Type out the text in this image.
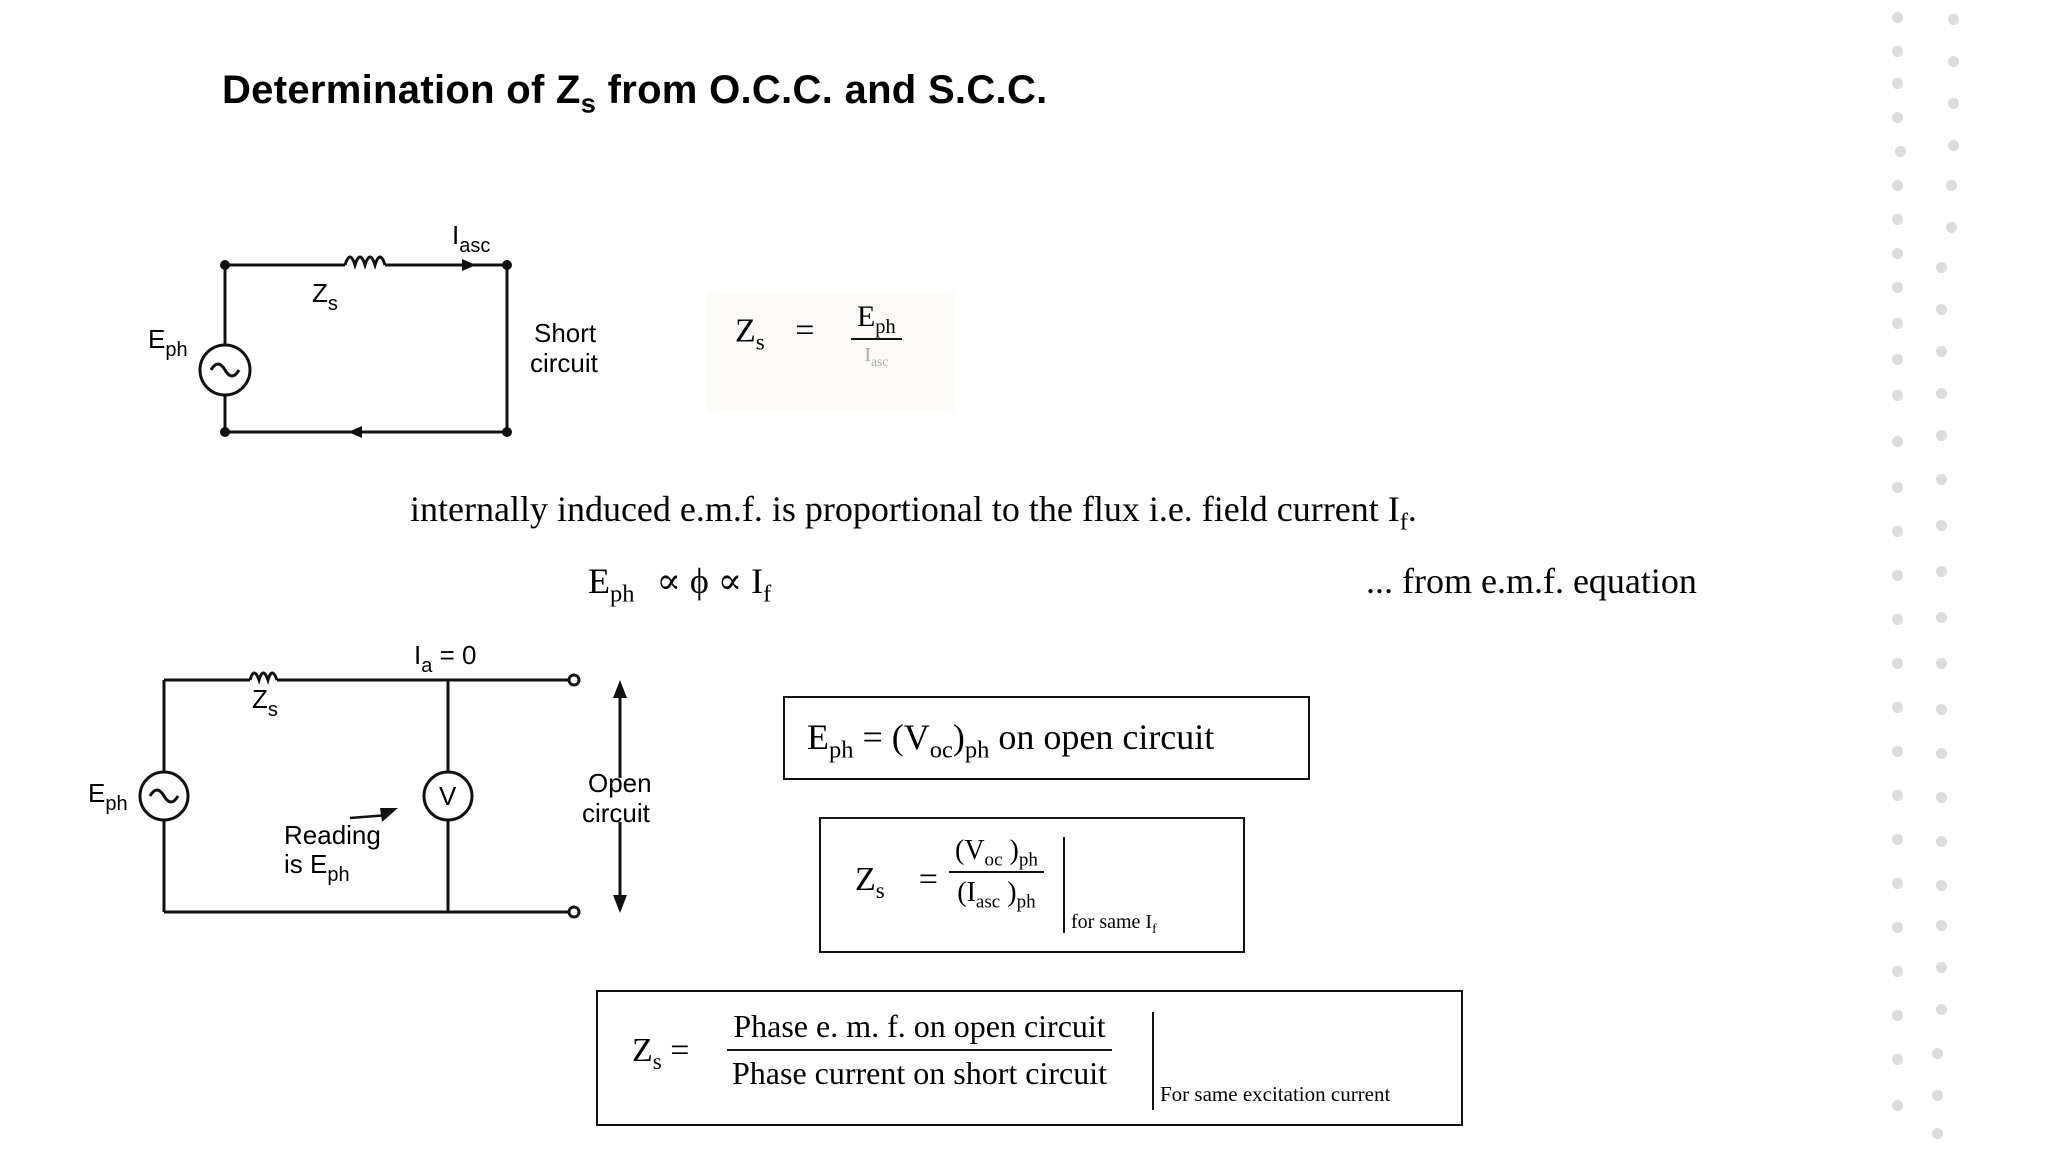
Determination of $Z_s$ from O.C.C. and S.C.C.
$E_{ph}$
$Z_s$
$I_{asc}$
Short
circuit
$Z_s = \frac{E_{ph}}{I_{asc}}$
internally induced e.m.f. is proportional to the flux i.e. field current $I_f$.
$E_{ph} \propto \phi \propto I_f$	... from e.m.f. equation
V
$E_{ph}$
$Z_s$
$I_a = 0$
Reading
is $E_{ph}$
Open
circuit
$E_{ph} = (V_{oc})_{ph}$ on open circuit
$Z_s = \frac{(V_{oc} )_{ph}}{(I_{asc} )_{ph}}$
for same $I_f$
$Z_s = \frac{\text{Phase e. m. f. on open circuit}}{\text{Phase current on short circuit}}$
For same excitation current
